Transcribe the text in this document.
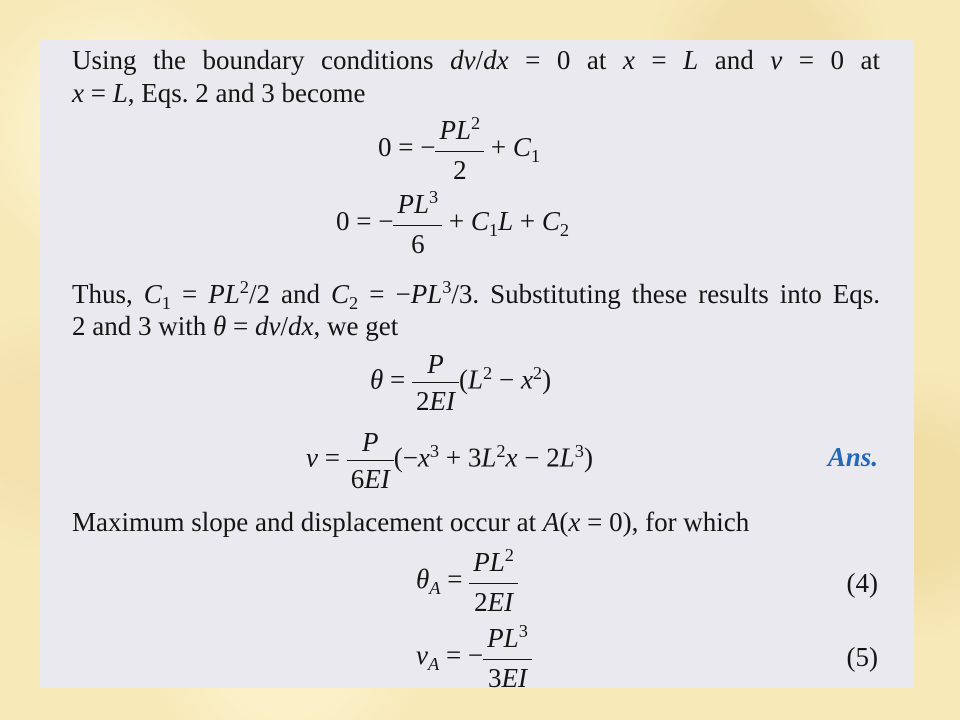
Using the boundary conditions dv/dx = 0 at x = L and v = 0 at
x = L, Eqs. 2 and 3 become
0 = − $\frac{PL^2}{2} + C_1$
0 = − $\frac{PL^3}{6} + C_1L + C_2$
Thus, $C_1 = PL^2/2$ and $C_2 = -PL^3/3$. Substituting these results into Eqs.
2 and 3 with θ = dv/dx, we get
$\theta = \frac{P}{2EI} (L^2 - x^2)$
$v = \frac{P}{6EI} (-x^3 + 3L^2x - 2L^3)$	Ans.
Maximum slope and displacement occur at A(x = 0), for which
$\theta_A = \frac{PL^2}{2EI}$	(4)
$v_A$ = − $\frac{PL^3}{3EI}$	(5)
